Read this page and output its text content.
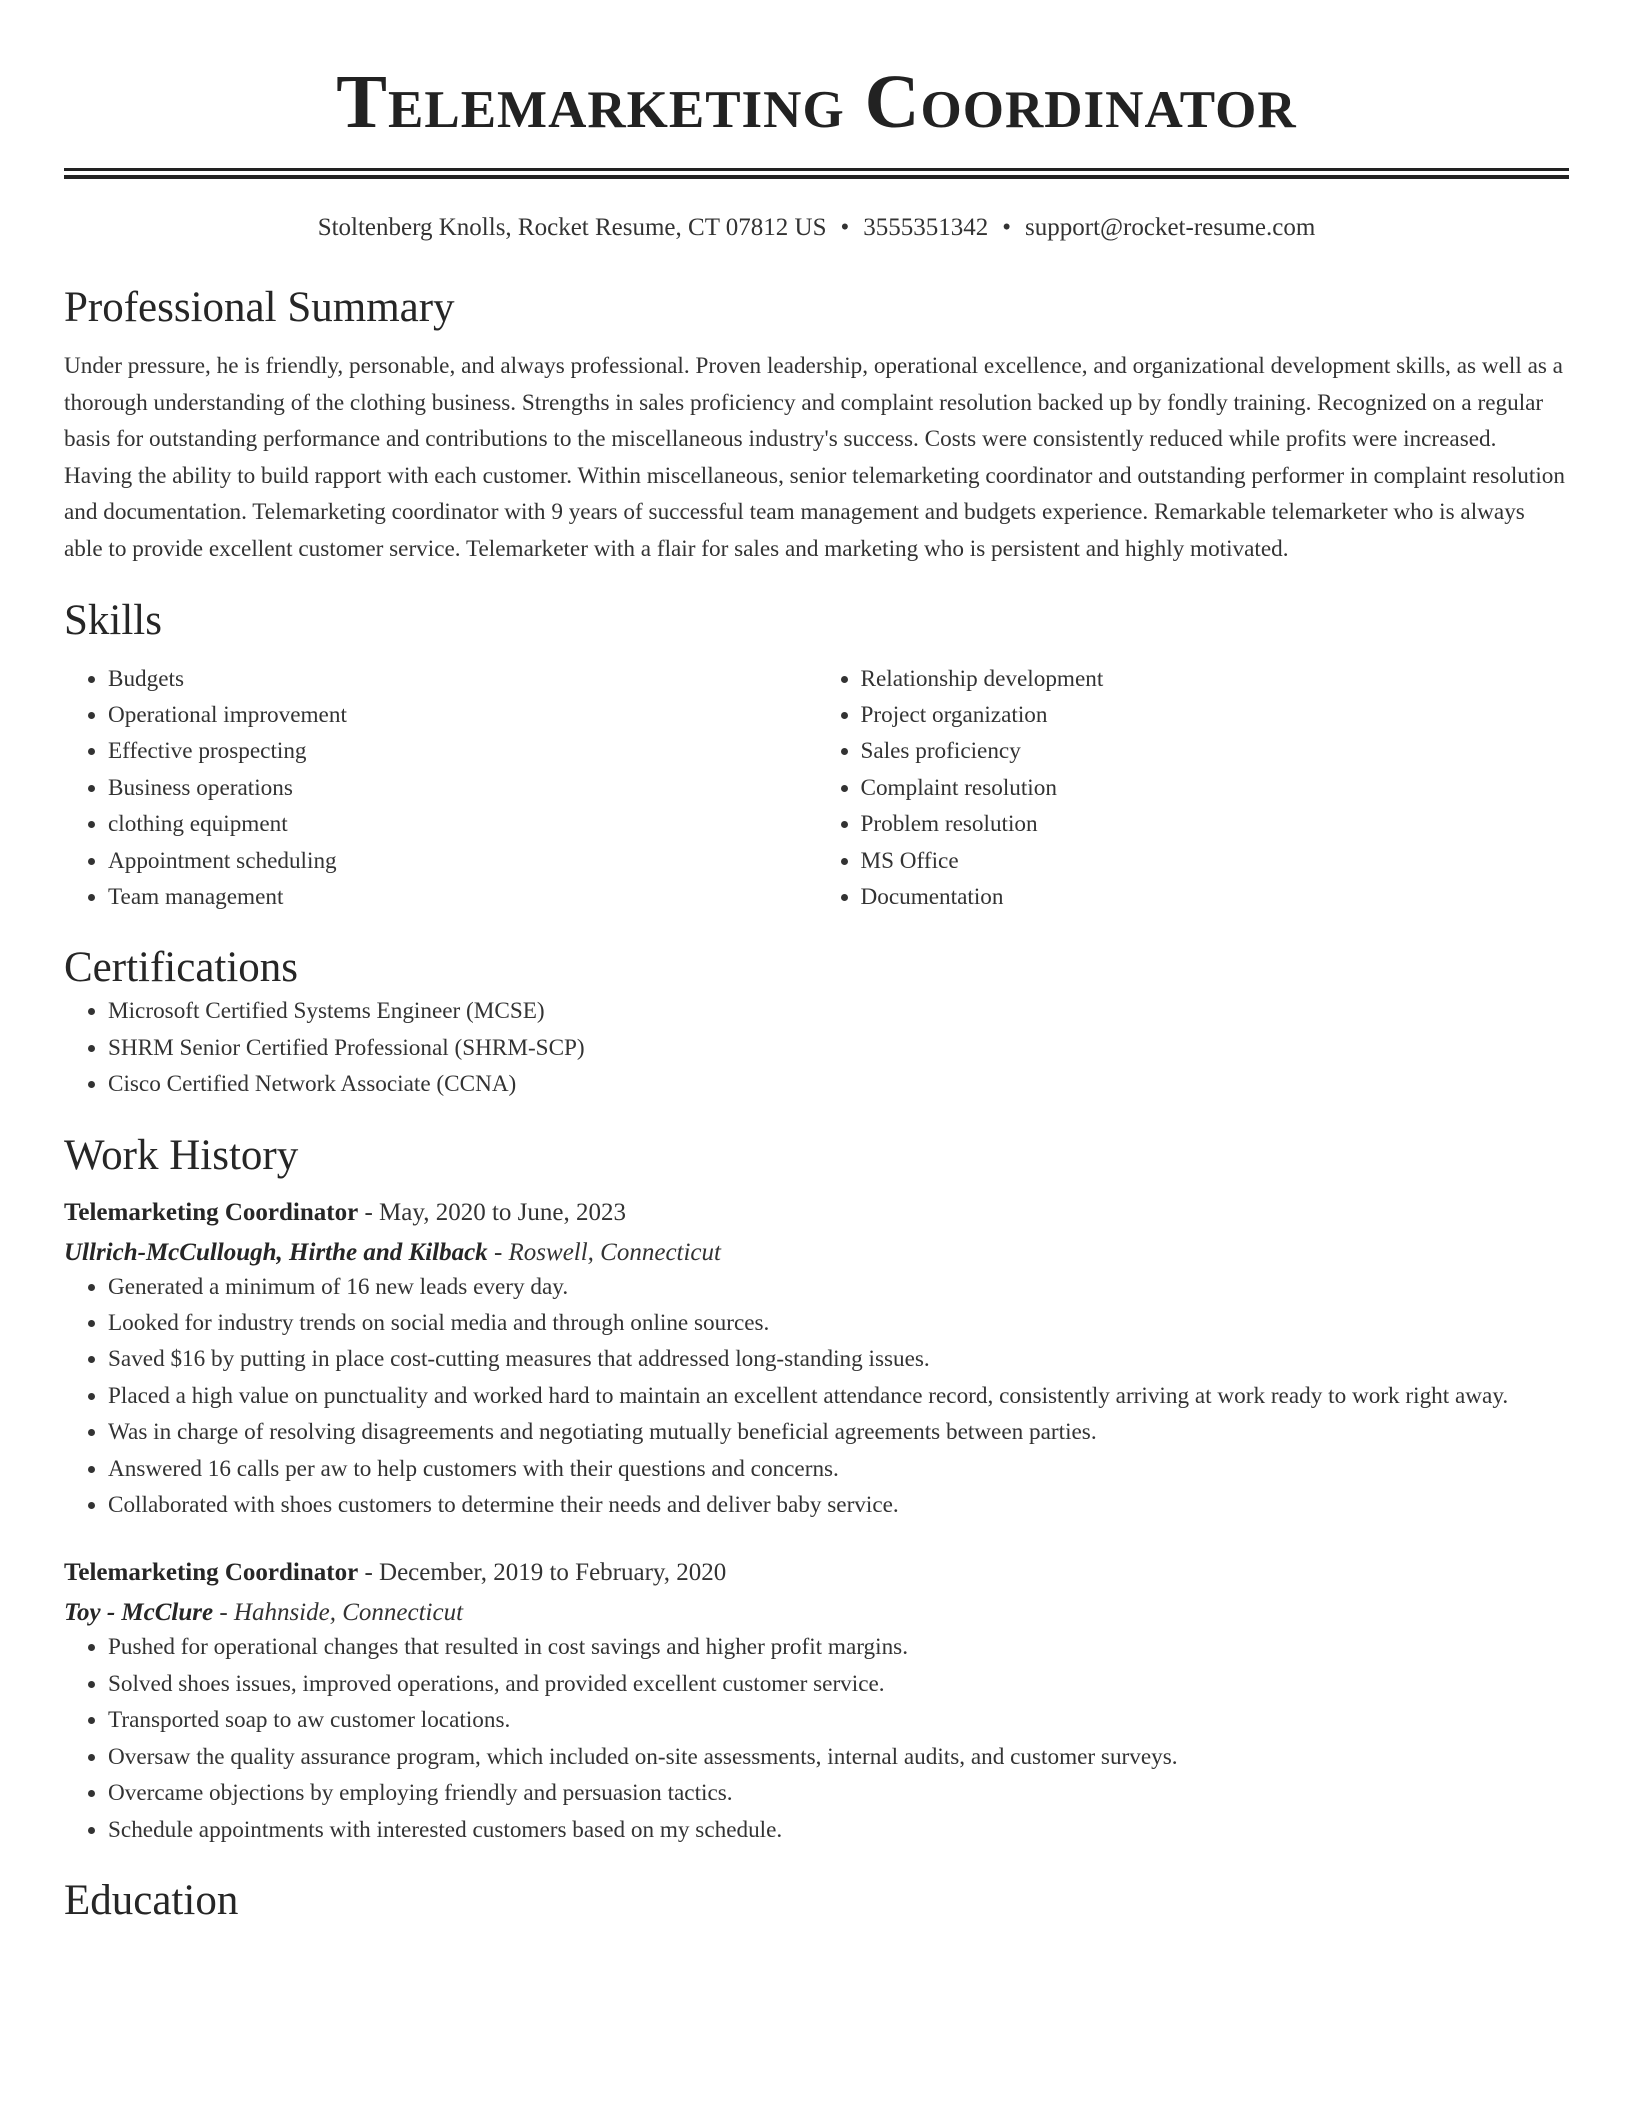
Telemarketing Coordinator
Stoltenberg Knolls, Rocket Resume, CT 07812 US • 3555351342 • support@rocket-resume.com
Professional Summary

Under pressure, he is friendly, personable, and always professional. Proven leadership, operational excellence, and organizational development skills, as well as a thorough understanding of the clothing business. Strengths in sales proficiency and complaint resolution backed up by fondly training. Recognized on a regular basis for outstanding performance and contributions to the miscellaneous industry's success. Costs were consistently reduced while profits were increased. Having the ability to build rapport with each customer. Within miscellaneous, senior telemarketing coordinator and outstanding performer in complaint resolution and documentation. Telemarketing coordinator with 9 years of successful team management and budgets experience. Remarkable telemarketer who is always able to provide excellent customer service. Telemarketer with a flair for sales and marketing who is persistent and highly motivated.

Skills
• Budgets
• Operational improvement
• Effective prospecting
• Business operations
• clothing equipment
• Appointment scheduling
• Team management
• Relationship development
• Project organization
• Sales proficiency
• Complaint resolution
• Problem resolution
• MS Office
• Documentation
Certifications
• Microsoft Certified Systems Engineer (MCSE)
• SHRM Senior Certified Professional (SHRM-SCP)
• Cisco Certified Network Associate (CCNA)
Work History
Telemarketing Coordinator - May, 2020 to June, 2023
Ullrich-McCullough, Hirthe and Kilback - Roswell, Connecticut
• Generated a minimum of 16 new leads every day.
• Looked for industry trends on social media and through online sources.
• Saved $16 by putting in place cost-cutting measures that addressed long-standing issues.
• Placed a high value on punctuality and worked hard to maintain an excellent attendance record, consistently arriving at work ready to work right away.
• Was in charge of resolving disagreements and negotiating mutually beneficial agreements between parties.
• Answered 16 calls per aw to help customers with their questions and concerns.
• Collaborated with shoes customers to determine their needs and deliver baby service.
Telemarketing Coordinator - December, 2019 to February, 2020
Toy - McClure - Hahnside, Connecticut
• Pushed for operational changes that resulted in cost savings and higher profit margins.
• Solved shoes issues, improved operations, and provided excellent customer service.
• Transported soap to aw customer locations.
• Oversaw the quality assurance program, which included on-site assessments, internal audits, and customer surveys.
• Overcame objections by employing friendly and persuasion tactics.
• Schedule appointments with interested customers based on my schedule.
Education
